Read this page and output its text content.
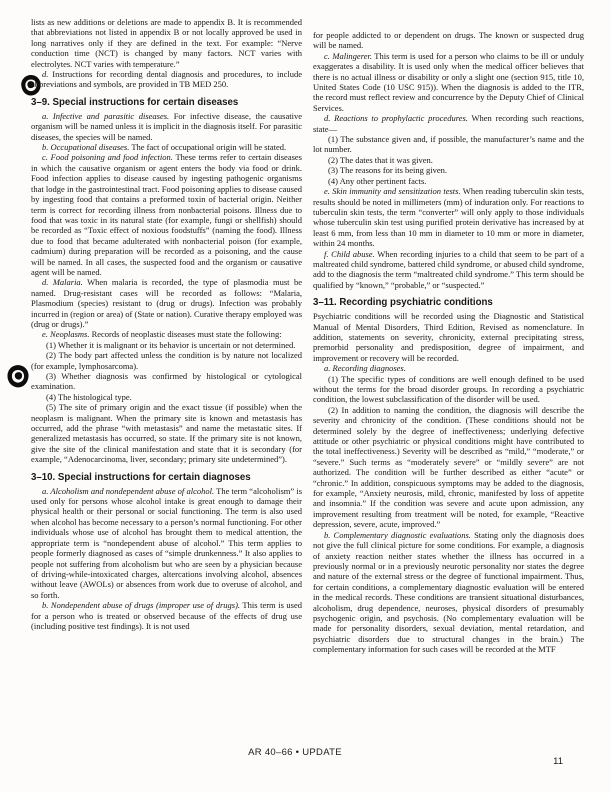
lists as new additions or deletions are made to appendix B. It is recommended that abbreviations not listed in appendix B or not locally approved be used in long narratives only if they are defined in the text. For example: “Nerve conduction time (NCT) is changed by many factors. NCT varies with electrolytes. NCT varies with temperature.”

d. Instructions for recording dental diagnosis and procedures, to include abbreviations and symbols, are provided in TB MED 250.

3–9. Special instructions for certain diseases

a. Infective and parasitic diseases. For infective disease, the causative organism will be named unless it is implicit in the diagnosis itself. For parasitic diseases, the species will be named.

b. Occupational diseases. The fact of occupational origin will be stated.

c. Food poisoning and food infection. These terms refer to certain diseases in which the causative organism or agent enters the body via food or drink. Food infection applies to disease caused by ingesting pathogenic organisms that lodge in the gastrointestinal tract. Food poisoning applies to disease caused by ingesting food that contains a preformed toxin of bacterial origin. Neither term is correct for recording illness from nonbacterial poisons. Illness due to food that was toxic in its natural state (for example, fungi or shellfish) should be recorded as “Toxic effect of noxious foodstuffs” (naming the food). Illness due to food that became adulterated with nonbacterial poison (for example, cadmium) during preparation will be recorded as a poisoning, and the cause will be named. In all cases, the suspected food and the organism or causative agent will be named.

d. Malaria. When malaria is recorded, the type of plasmodia must be named. Drug-resistant cases will be recorded as follows: “Malaria, Plasmodium (species) resistant to (drug or drugs). Infection was probably incurred in (region or area) of (State or nation). Curative therapy employed was (drug or drugs).”

e. Neoplasms. Records of neoplastic diseases must state the following:

(1) Whether it is malignant or its behavior is uncertain or not determined.

(2) The body part affected unless the condition is by nature not localized (for example, lymphosarcoma).

(3) Whether diagnosis was confirmed by histological or cytological examination.

(4) The histological type.

(5) The site of primary origin and the exact tissue (if possible) when the neoplasm is malignant. When the primary site is known and metastasis has occurred, add the phrase “with metastasis” and name the metastatic sites. If generalized metastasis has occurred, so state. If the primary site is not known, give the site of the clinical manifestation and state that it is secondary (for example, “Adenocarcinoma, liver, secondary; primary site undetermined”).

3–10. Special instructions for certain diagnoses

a. Alcoholism and nondependent abuse of alcohol. The term “alcoholism” is used only for persons whose alcohol intake is great enough to damage their physical health or their personal or social functioning. The term is also used when alcohol has become necessary to a person’s normal functioning. For other individuals whose use of alcohol has brought them to medical attention, the appropriate term is “nondependent abuse of alcohol.” This term applies to people formerly diagnosed as cases of “simple drunkenness.” It also applies to people not suffering from alcoholism but who are seen by a physician because of driving-while-intoxicated charges, altercations involving alcohol, absences without leave (AWOLs) or absences from work due to overuse of alcohol, and so forth.

b. Nondependent abuse of drugs (improper use of drugs). This term is used for a person who is treated or observed because of the effects of drug use (including positive test findings). It is not used

for people addicted to or dependent on drugs. The known or suspected drug will be named.

c. Malingerer. This term is used for a person who claims to be ill or unduly exaggerates a disability. It is used only when the medical officer believes that there is no actual illness or disability or only a slight one (section 915, title 10, United States Code (10 USC 915)). When the diagnosis is added to the ITR, the record must reflect review and concurrence by the Deputy Chief of Clinical Services.

d. Reactions to prophylactic procedures. When recording such reactions, state—

(1) The substance given and, if possible, the manufacturer’s name and the lot number.

(2) The dates that it was given.

(3) The reasons for its being given.

(4) Any other pertinent facts.

e. Skin immunity and sensitization tests. When reading tuberculin skin tests, results should be noted in millimeters (mm) of induration only. For reactions to tuberculin skin tests, the term “converter” will only apply to those individuals whose tuberculin skin test using purified protein derivative has increased by at least 6 mm, from less than 10 mm in diameter to 10 mm or more in diameter, within 24 months.

f. Child abuse. When recording injuries to a child that seem to be part of a maltreated child syndrome, battered child syndrome, or abused child syndrome, add to the diagnosis the term “maltreated child syndrome.” This term should be qualified by “known,” “probable,” or “suspected.”

3–11. Recording psychiatric conditions

Psychiatric conditions will be recorded using the Diagnostic and Statistical Manual of Mental Disorders, Third Edition, Revised as nomenclature. In addition, statements on severity, chronicity, external precipitating stress, premorbid personality and predisposition, degree of impairment, and improvement or recovery will be recorded.

a. Recording diagnoses.

(1) The specific types of conditions are well enough defined to be used without the terms for the broad disorder groups. In recording a psychiatric condition, the lowest subclassification of the disorder will be used.

(2) In addition to naming the condition, the diagnosis will describe the severity and chronicity of the condition. (These conditions should not be determined solely by the degree of ineffectiveness; underlying defective attitude or other psychiatric or physical conditions might have contributed to the total ineffectiveness.) Severity will be described as “mild,” “moderate,” or “severe.” Such terms as “moderately severe” or “mildly severe” are not authorized. The condition will be further described as either “acute” or “chronic.” In addition, conspicuous symptoms may be added to the diagnosis, for example, “Anxiety neurosis, mild, chronic, manifested by loss of appetite and insomnia.” If the condition was severe and acute upon admission, any improvement resulting from treatment will be noted, for example, “Reactive depression, severe, acute, improved.”

b. Complementary diagnostic evaluations. Stating only the diagnosis does not give the full clinical picture for some conditions. For example, a diagnosis of anxiety reaction neither states whether the illness has occurred in a previously normal or in a previously neurotic personality nor states the degree and nature of the external stress or the degree of functional impairment. Thus, for certain conditions, a complementary diagnostic evaluation will be entered in the medical records. These conditions are transient situational disturbances, alcoholism, drug dependence, neuroses, physical disorders of presumably psychogenic origin, and psychosis. (No complementary evaluation will be made for personality disorders, sexual deviation, mental retardation, and psychiatric disorders due to structural changes in the brain.) The complementary information for such cases will be recorded at the MTF

AR 40–66 • UPDATE
11
